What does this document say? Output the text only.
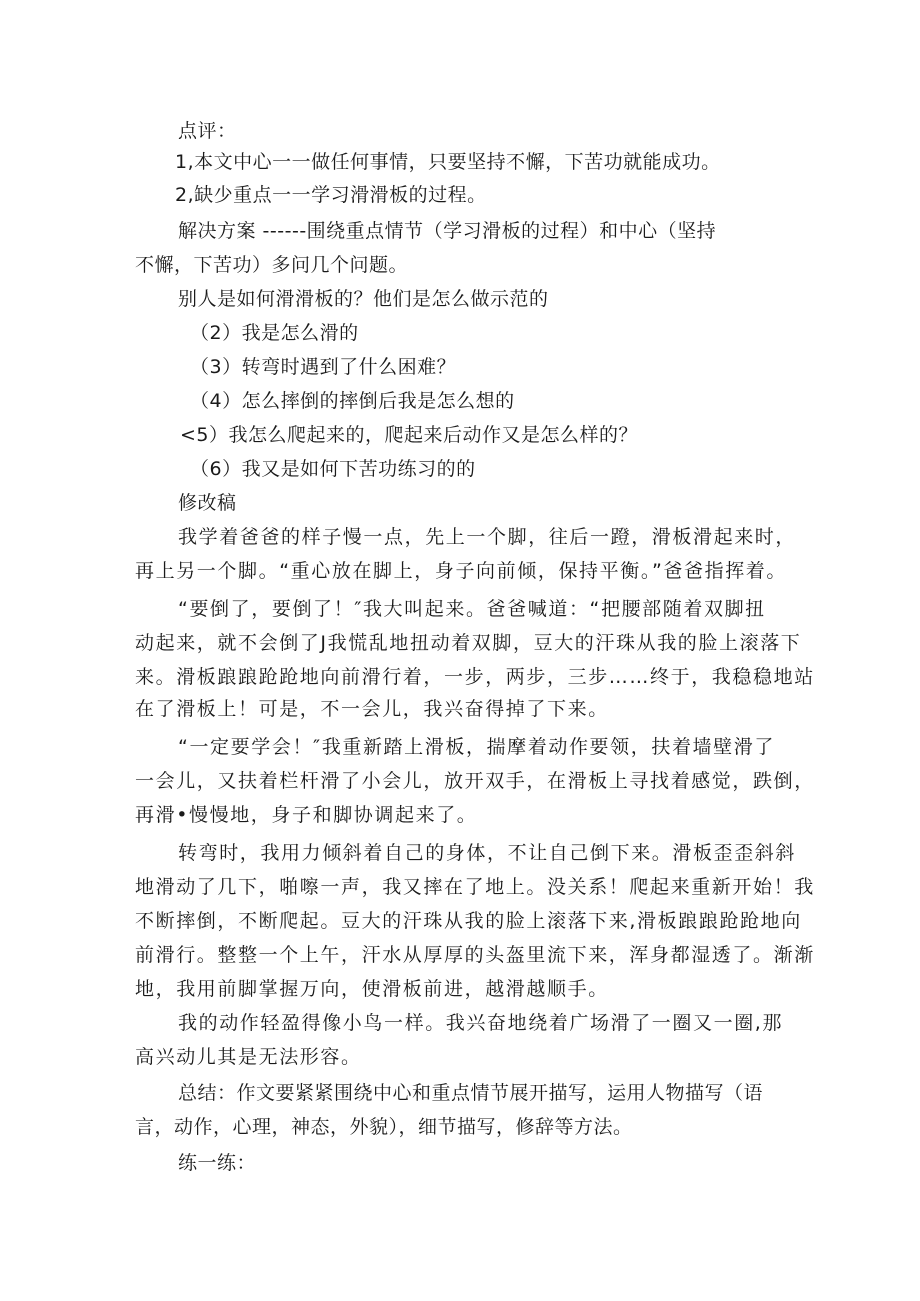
点评：
1,本文中心一一做任何事情，只要坚持不懈，下苦功就能成功。
2,缺少重点一一学习滑滑板的过程。
解决方案 ------围绕重点情节（学习滑板的过程）和中心（坚持
不懈，下苦功）多问几个问题。
别人是如何滑滑板的？他们是怎么做示范的
（2）我是怎么滑的
（3）转弯时遇到了什么困难？
（4）怎么摔倒的摔倒后我是怎么想的
<5）我怎么爬起来的，爬起来后动作又是怎么样的？
（6）我又是如何下苦功练习的的
修改稿
我学着爸爸的样子慢一点，先上一个脚，往后一蹬，滑板滑起来时，
再上另一个脚。“重心放在脚上，身子向前倾，保持平衡。”爸爸指挥着。
“要倒了，要倒了！″我大叫起来。爸爸喊道：“把腰部随着双脚扭
动起来，就不会倒了J我慌乱地扭动着双脚，豆大的汗珠从我的脸上滚落下
来。滑板踉踉跄跄地向前滑行着，一步，两步，三步……终于，我稳稳地站
在了滑板上！可是，不一会儿，我兴奋得掉了下来。
“一定要学会！″我重新踏上滑板，揣摩着动作要领，扶着墙壁滑了
一会儿，又扶着栏杆滑了小会儿，放开双手，在滑板上寻找着感觉，跌倒，
再滑•慢慢地，身子和脚协调起来了。
转弯时，我用力倾斜着自己的身体，不让自己倒下来。滑板歪歪斜斜
地滑动了几下，啪嚓一声，我又摔在了地上。没关系！爬起来重新开始！我
不断摔倒，不断爬起。豆大的汗珠从我的脸上滚落下来,滑板踉踉跄跄地向
前滑行。整整一个上午，汗水从厚厚的头盔里流下来，浑身都湿透了。渐渐
地，我用前脚掌握万向，使滑板前进，越滑越顺手。
我的动作轻盈得像小鸟一样。我兴奋地绕着广场滑了一圈又一圈,那
高兴动儿其是无法形容。
总结：作文要紧紧围绕中心和重点情节展开描写，运用人物描写（语
言，动作，心理，神态，外貌），细节描写，修辞等方法。
练一练：
